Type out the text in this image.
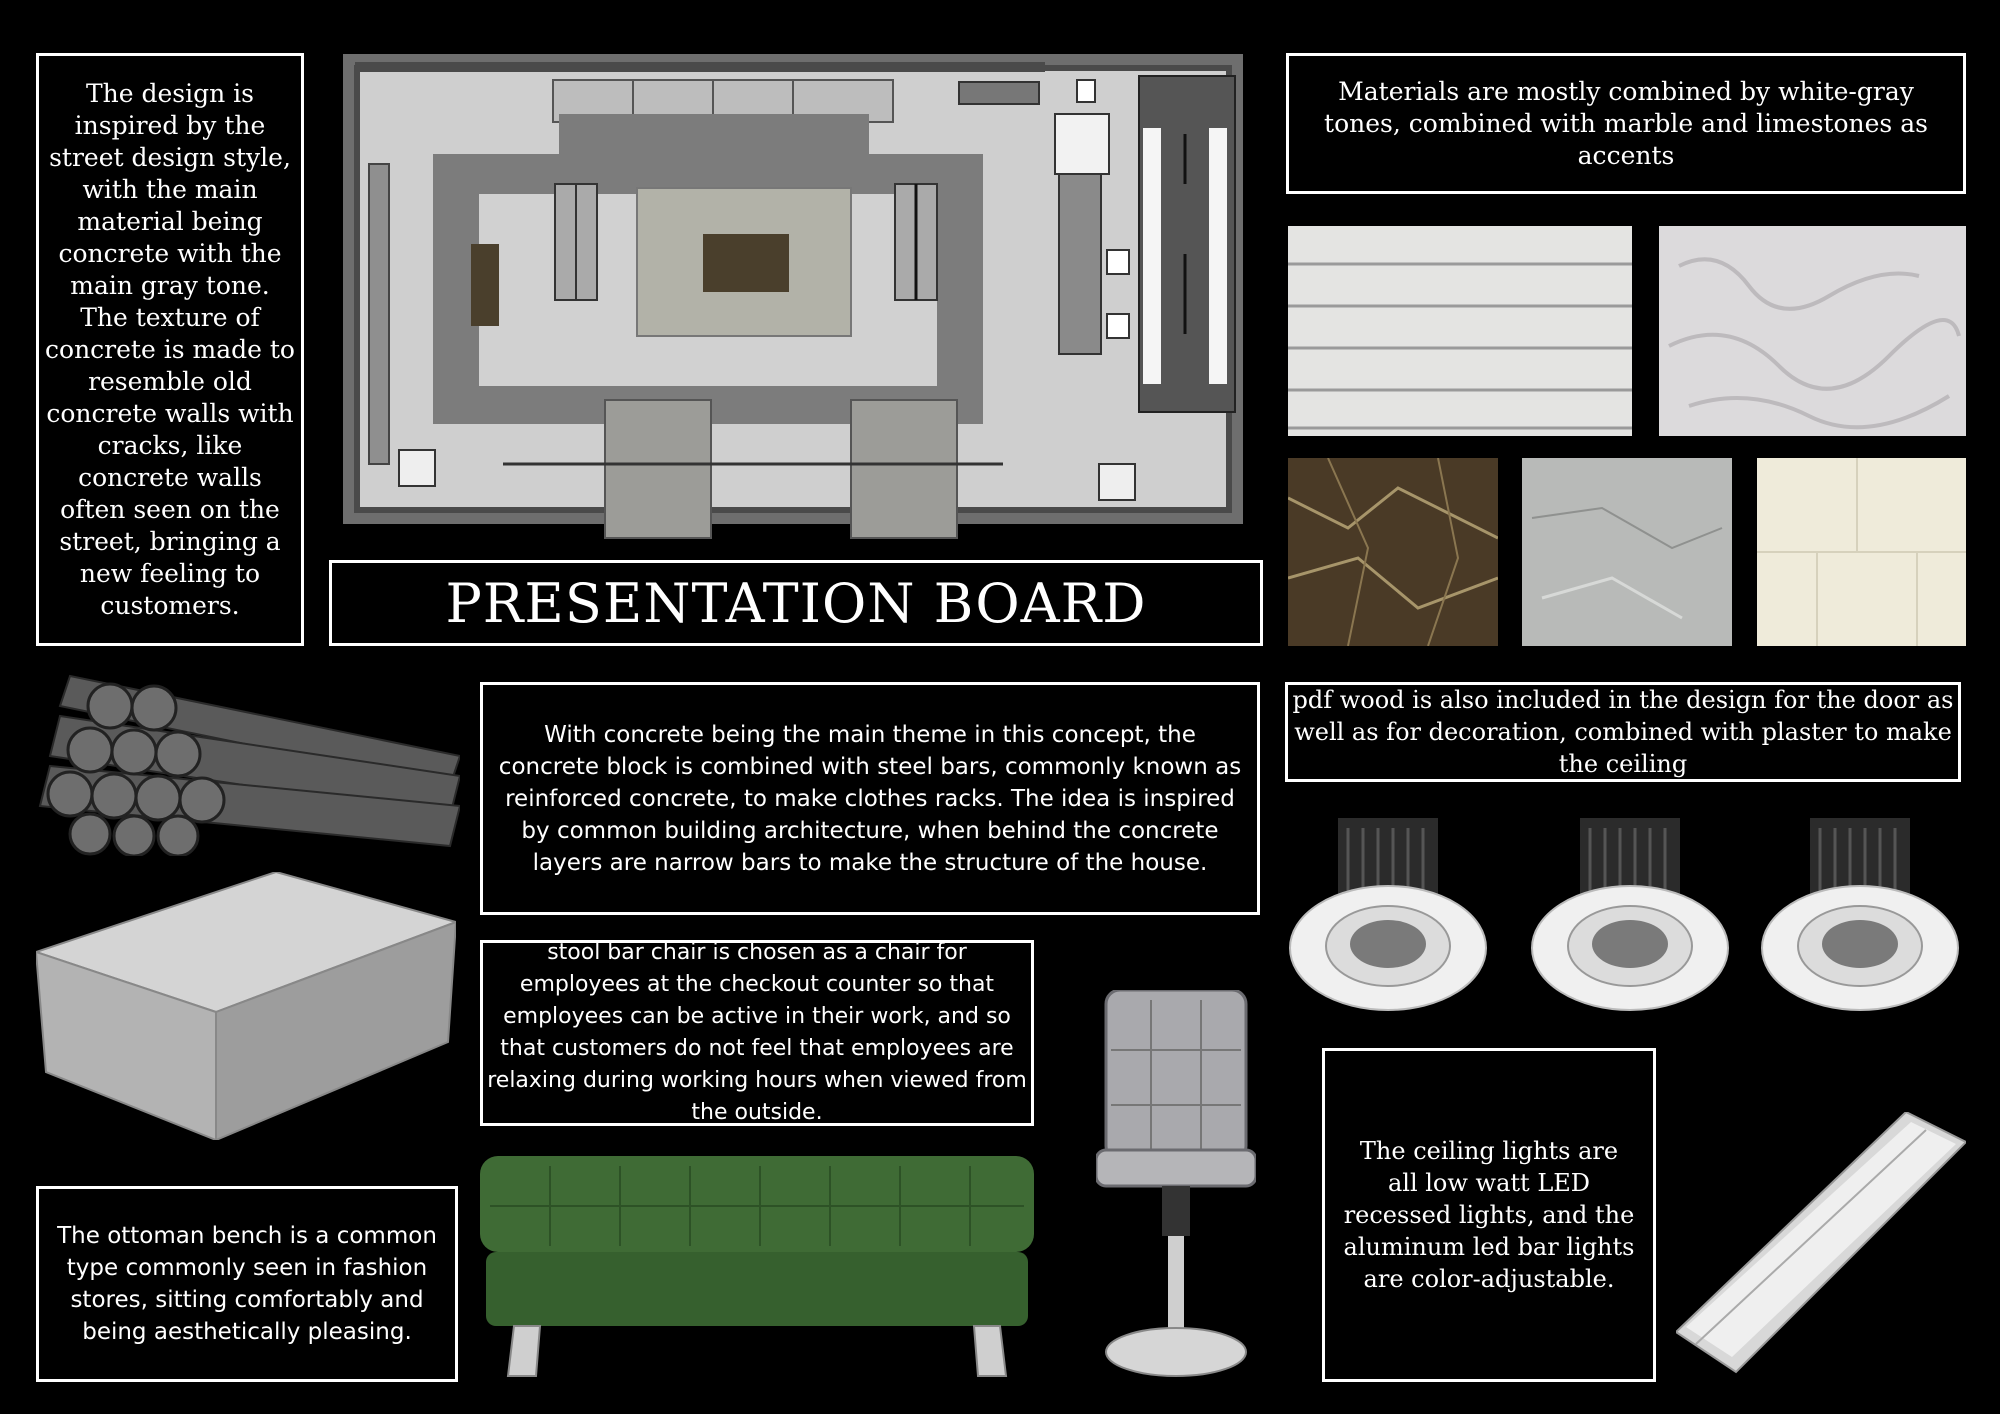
The design is inspired by the street design style, with the main material being concrete with the main gray tone. The texture of concrete is made to resemble old concrete walls with cracks, like concrete walls often seen on the street, bringing a new feeling to customers.	PRESENTATION BOARD
Materials are mostly combined by white-gray tones, combined with marble and limestones as accents
With concrete being the main theme in this concept, the concrete block is combined with steel bars, commonly known as reinforced concrete, to make clothes racks. The idea is inspired by common building architecture, when behind the concrete layers are narrow bars to make the structure of the house.
pdf wood is also included in the design for the door as well as for decoration, combined with plaster to make the ceiling
stool bar chair is chosen as a chair for employees at the checkout counter so that employees can be active in their work, and so that customers do not feel that employees are relaxing during working hours when viewed from the outside.
The ceiling lights are all low watt LED recessed lights, and the aluminum led bar lights are color-adjustable.
The ottoman bench is a common type commonly seen in fashion stores, sitting comfortably and being aesthetically pleasing.
